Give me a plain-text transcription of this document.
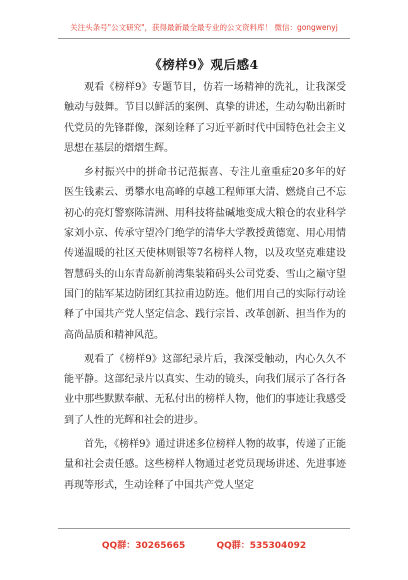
关注头条号"公文研究"，获得最新最全最专业的公文资料库！ 微信：gongwenyj
《榜样9》观后感4

观看《榜样9》专题节目，仿若一场精神的洗礼，让我深受触动与鼓舞。节目以鲜活的案例、真挚的讲述，生动勾勒出新时代党员的先锋群像，深刻诠释了习近平新时代中国特色社会主义思想在基层的熠熠生辉。

乡村振兴中的拼命书记范振喜、专注儿童重症20多年的好医生钱素云、勇攀水电高峰的卓越工程师軍大清、燃烧自己不忘初心的亮灯警察陈清洲、用科技将盐碱地变成大粮仓的农业科学家刘小京、传承守望冷门绝学的清华大学教授黄德宽、用心用情传递温暖的社区天使林则银等7名榜样人物，以及攻坚克难建设智慧码头的山东青岛新前湾集装箱码头公司党委、雪山之巅守望国门的陆军某边防团红其拉甫边防连。他们用自己的实际行动诠释了中国共产党人坚定信念、践行宗旨、改革创新、担当作为的高尚品质和精神风范。

观看了《榜样9》这部纪录片后，我深受触动，内心久久不能平静。这部纪录片以真实、生动的镜头，向我们展示了各行各业中那些默默奉献、无私付出的榜样人物，他们的事迹让我感受到了人性的光辉和社会的进步。

首先，《榜样9》通过讲述多位榜样人物的故事，传递了正能量和社会责任感。这些榜样人物通过老党员现场讲述、先进事迹再现等形式，生动诠释了中国共产党人坚定

QQ群：30265665	QQ群：535304092
